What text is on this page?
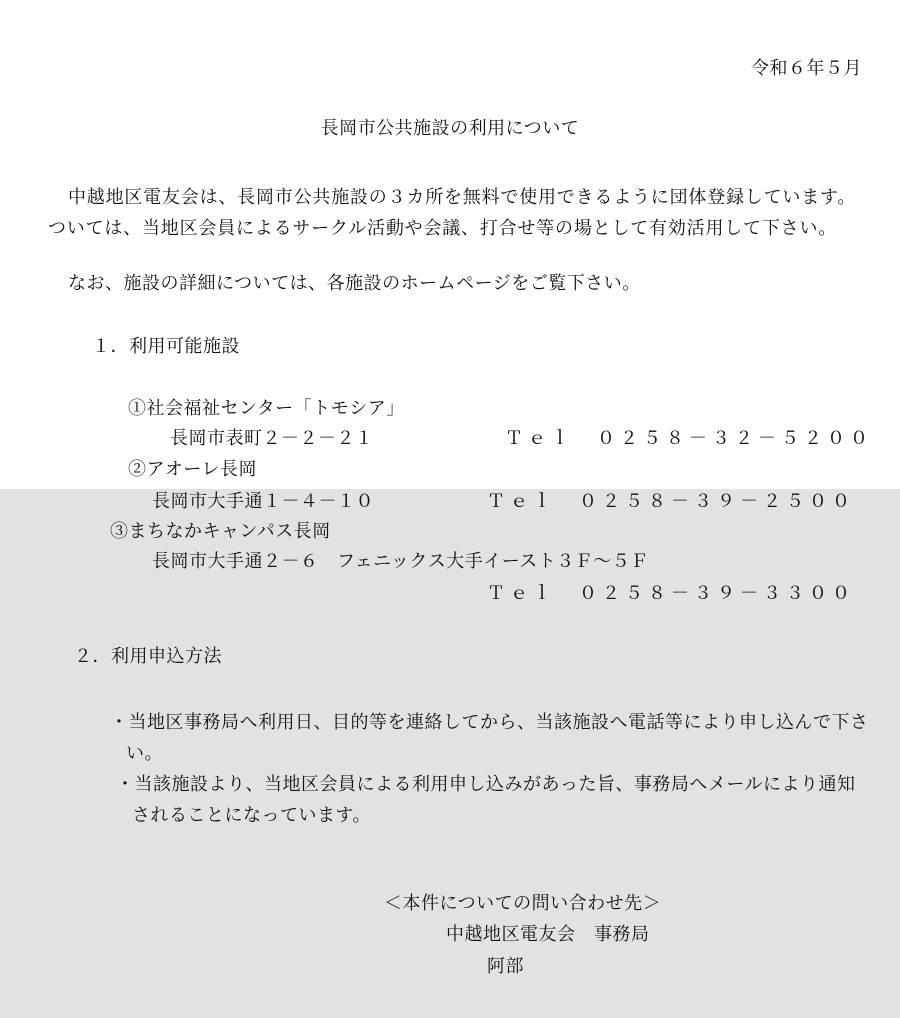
令和６年５月
長岡市公共施設の利用について
中越地区電友会は、長岡市公共施設の３カ所を無料で使用できるように団体登録しています。ついては、当地区会員によるサークル活動や会議、打合せ等の場として有効活用して下さい。
なお、施設の詳細については、各施設のホームページをご覧下さい。
１．利用可能施設
①社会福祉センター「トモシア」
長岡市表町２－２－２１	Ｔｅｌ　０２５８－３２－５２００
②アオーレ長岡
長岡市大手通１－４－１０	Ｔｅｌ　０２５８－３９－２５００
③まちなかキャンパス長岡
長岡市大手通２－６　フェニックス大手イースト３Ｆ～５Ｆ
Ｔｅｌ　０２５８－３９－３３００
２．利用申込方法
・当地区事務局へ利用日、目的等を連絡してから、当該施設へ電話等により申し込んで下さい。
・当該施設より、当地区会員による利用申し込みがあった旨、事務局へメールにより通知されることになっています。
＜本件についての問い合わせ先＞
中越地区電友会　事務局
阿部
